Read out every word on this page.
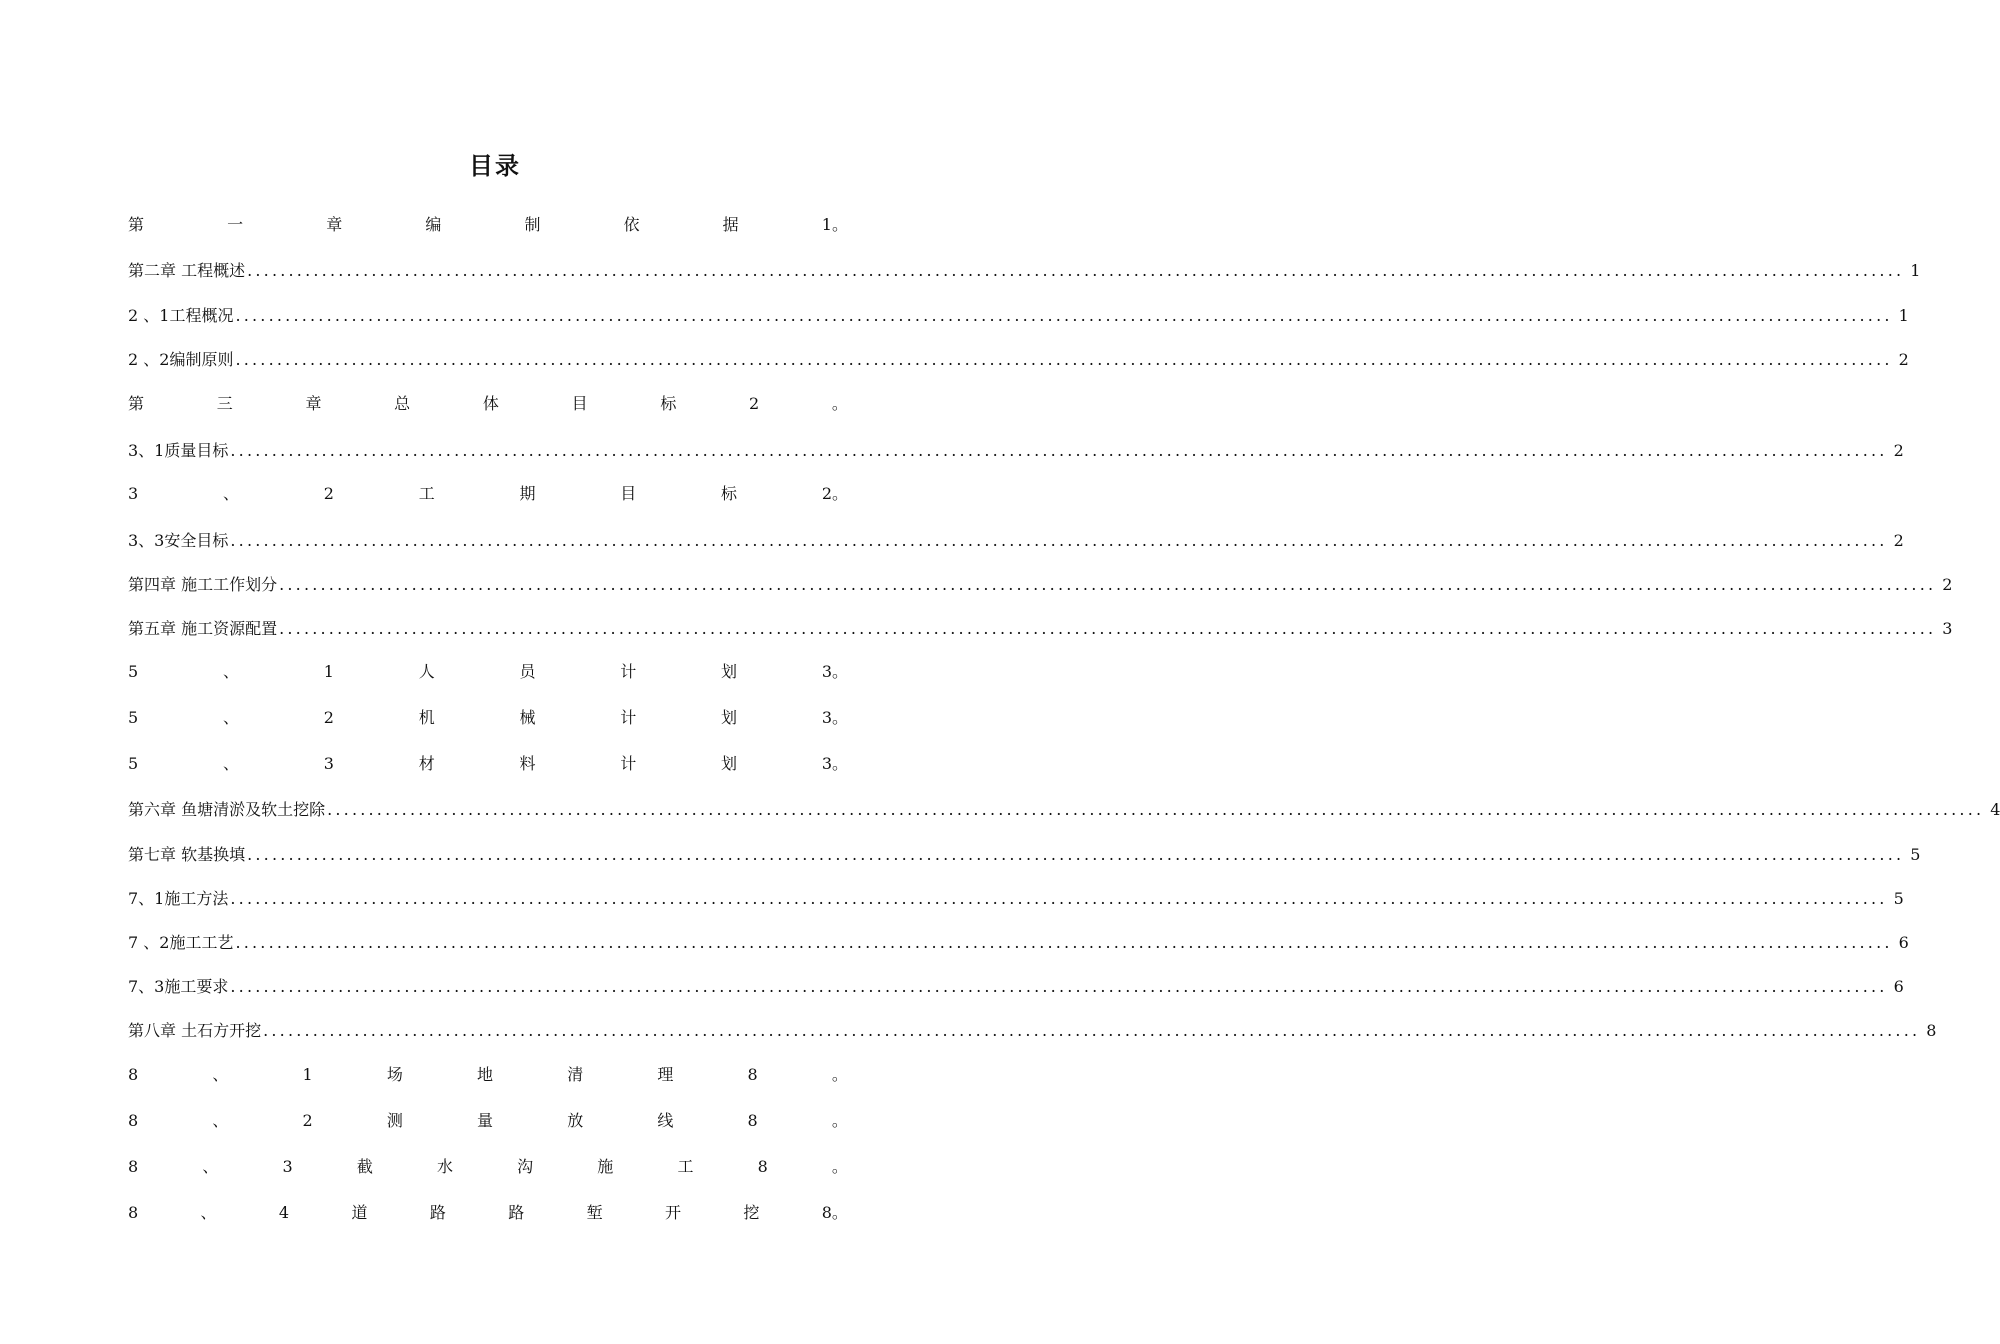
目录
第	一	章	编	制	依	据	1。
第二章 工程概述 ........................................................................................................................................................................................................ 1
2 、1工程概况 ........................................................................................................................................................................................................ 1
2 、2编制原则 ........................................................................................................................................................................................................ 2
第	三	章	总	体	目	标	2	。
3、1质量目标 ........................................................................................................................................................................................................ 2
3	、	2	工	期	目	标	2。
3、3安全目标 ........................................................................................................................................................................................................ 2
第四章 施工工作划分 ........................................................................................................................................................................................................ 2
第五章 施工资源配置 ........................................................................................................................................................................................................ 3
5	、	1	人	员	计	划	3。
5	、	2	机	械	计	划	3。
5	、	3	材	料	计	划	3。
第六章 鱼塘清淤及软土挖除 ........................................................................................................................................................................................................ 4
第七章 软基换填 ........................................................................................................................................................................................................ 5
7、1施工方法 ........................................................................................................................................................................................................ 5
7 、2施工工艺 ........................................................................................................................................................................................................ 6
7、3施工要求 ........................................................................................................................................................................................................ 6
第八章 土石方开挖 ........................................................................................................................................................................................................ 8
8	、	1	场	地	清	理	8	。
8	、	2	测	量	放	线	8	。
8	、	3	截	水	沟	施	工	8	。
8	、	4	道	路	路	堑	开	挖	8。
